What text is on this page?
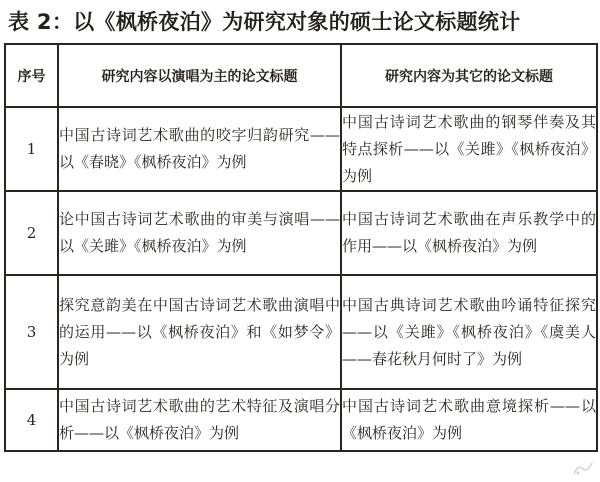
表 2：以《枫桥夜泊》为研究对象的硕士论文标题统计
序号	研究内容以演唱为主的论文标题	研究内容为其它的论文标题
1	中国古诗词艺术歌曲的咬字归韵研究——以《春晓》《枫桥夜泊》为例	中国古诗词艺术歌曲的钢琴伴奏及其特点探析——以《关雎》《枫桥夜泊》为例
2	论中国古诗词艺术歌曲的审美与演唱——以《关雎》《枫桥夜泊》为例	中国古诗词艺术歌曲在声乐教学中的作用——以《枫桥夜泊》为例
3	探究意韵美在中国古诗词艺术歌曲演唱中的运用——以《枫桥夜泊》和《如梦令》为例	中国古典诗词艺术歌曲吟诵特征探究——以《关雎》《枫桥夜泊》《虞美人——春花秋月何时了》为例
4	中国古诗词艺术歌曲的艺术特征及演唱分析——以《枫桥夜泊》为例	中国古诗词艺术歌曲意境探析——以《枫桥夜泊》为例
